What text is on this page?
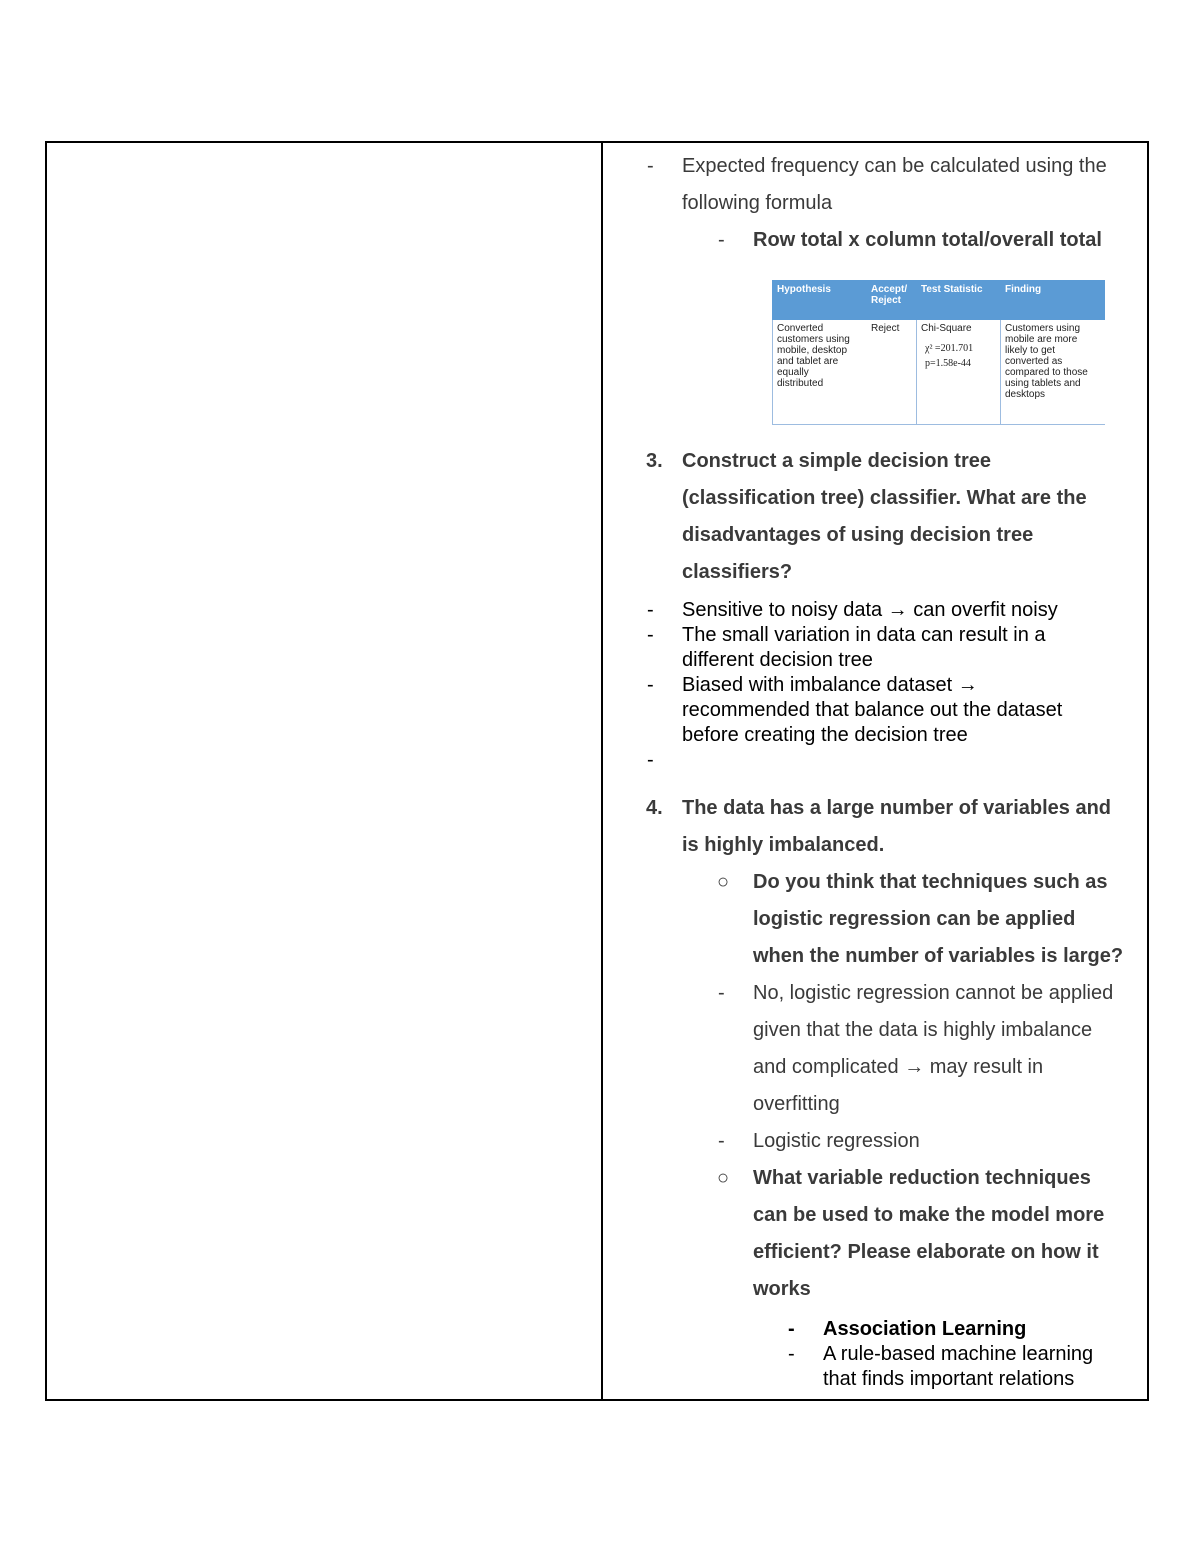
- Expected frequency can be calculated using the
following formula
- Row total x column total/overall total
Hypothesis	Accept/
Reject
Test Statistic Finding
Converted
customers using
mobile, desktop
and tablet are
equally
distributed
Reject Chi-Square
χ² =201.701
p=1.58e-44
Customers using
mobile are more
likely to get
converted as
compared to those
using tablets and
desktops
3. Construct a simple decision tree
(classification tree) classifier. What are the
disadvantages of using decision tree
classifiers?
- Sensitive to noisy data → can overfit noisy
- The small variation in data can result in a
different decision tree
- Biased with imbalance dataset →
recommended that balance out the dataset
before creating the decision tree
-
4. The data has a large number of variables and
is highly imbalanced.
○ Do you think that techniques such as
logistic regression can be applied
when the number of variables is large?
- No, logistic regression cannot be applied
given that the data is highly imbalance
and complicated → may result in
overfitting
- Logistic regression
○ What variable reduction techniques
can be used to make the model more
efficient? Please elaborate on how it
works
- Association Learning
- A rule-based machine learning
that finds important relations
